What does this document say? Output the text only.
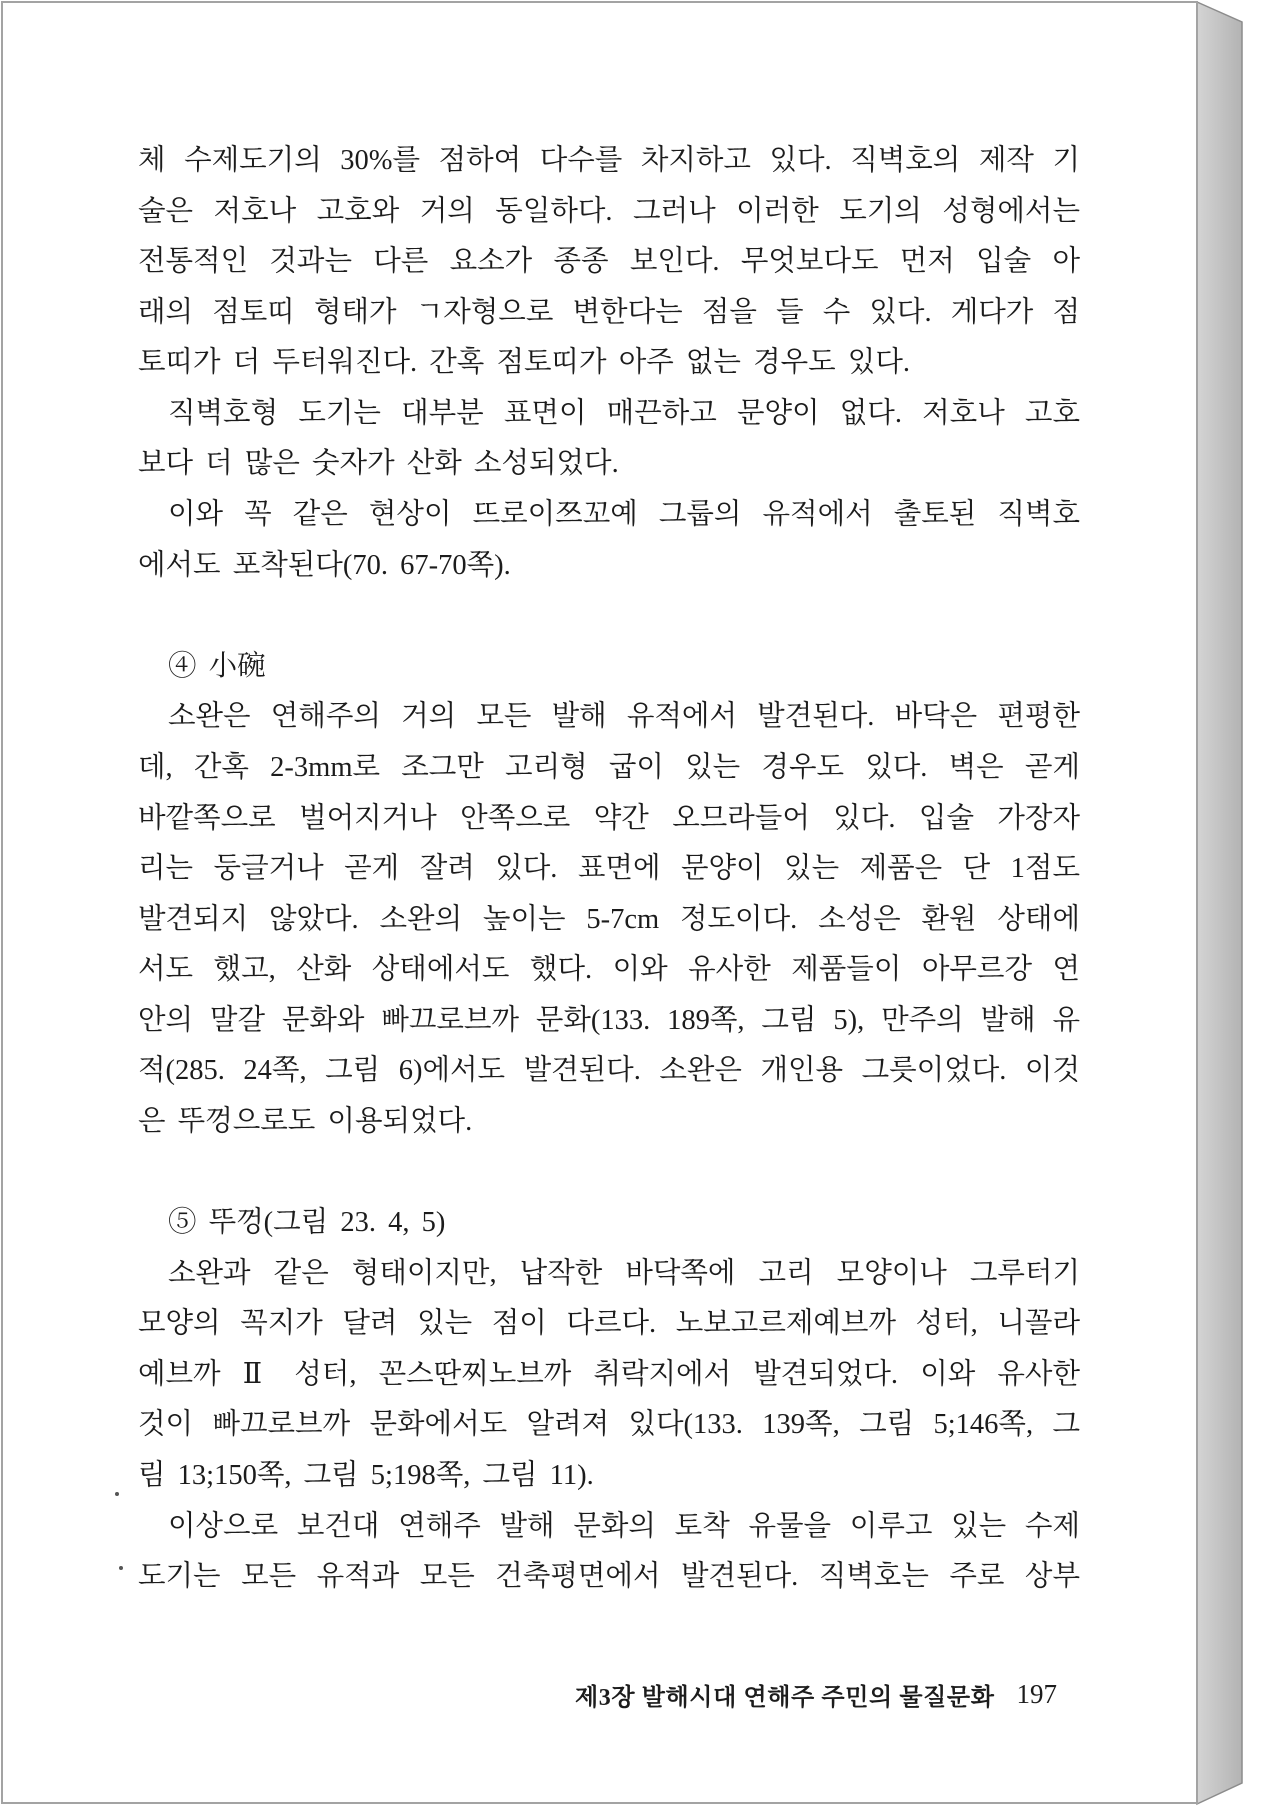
체 수제도기의 30%를 점하여 다수를 차지하고 있다. 직벽호의 제작 기
술은 저호나 고호와 거의 동일하다. 그러나 이러한 도기의 성형에서는
전통적인 것과는 다른 요소가 종종 보인다. 무엇보다도 먼저 입술 아
래의 점토띠 형태가 ㄱ자형으로 변한다는 점을 들 수 있다. 게다가 점
토띠가 더 두터워진다. 간혹 점토띠가 아주 없는 경우도 있다.
직벽호형 도기는 대부분 표면이 매끈하고 문양이 없다. 저호나 고호
보다 더 많은 숫자가 산화 소성되었다.
이와 꼭 같은 현상이 뜨로이쯔꼬예 그룹의 유적에서 출토된 직벽호
에서도 포착된다(70. 67-70쪽).
④ 小碗
소완은 연해주의 거의 모든 발해 유적에서 발견된다. 바닥은 편평한
데, 간혹 2-3mm로 조그만 고리형 굽이 있는 경우도 있다. 벽은 곧게
바깥쪽으로 벌어지거나 안쪽으로 약간 오므라들어 있다. 입술 가장자
리는 둥글거나 곧게 잘려 있다. 표면에 문양이 있는 제품은 단 1점도
발견되지 않았다. 소완의 높이는 5-7cm 정도이다. 소성은 환원 상태에
서도 했고, 산화 상태에서도 했다. 이와 유사한 제품들이 아무르강 연
안의 말갈 문화와 빠끄로브까 문화(133. 189쪽, 그림 5), 만주의 발해 유
적(285. 24쪽, 그림 6)에서도 발견된다. 소완은 개인용 그릇이었다. 이것
은 뚜껑으로도 이용되었다.
⑤ 뚜껑(그림 23. 4, 5)
소완과 같은 형태이지만, 납작한 바닥쪽에 고리 모양이나 그루터기
모양의 꼭지가 달려 있는 점이 다르다. 노보고르제예브까 성터, 니꼴라
예브까 Ⅱ 성터, 꼰스딴찌노브까 취락지에서 발견되었다. 이와 유사한
것이 빠끄로브까 문화에서도 알려져 있다(133. 139쪽, 그림 5;146쪽, 그
림 13;150쪽, 그림 5;198쪽, 그림 11).
이상으로 보건대 연해주 발해 문화의 토착 유물을 이루고 있는 수제
도기는 모든 유적과 모든 건축평면에서 발견된다. 직벽호는 주로 상부
제3장 발해시대 연해주 주민의 물질문화 197
